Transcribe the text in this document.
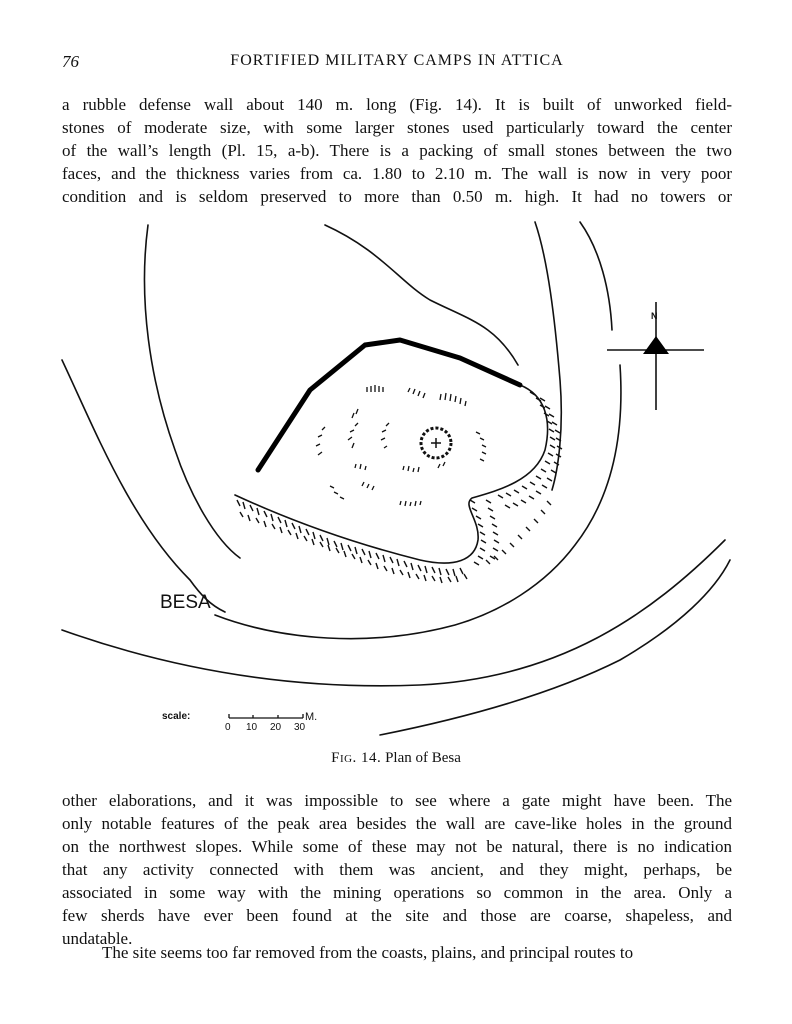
76	FORTIFIED MILITARY CAMPS IN ATTICA
a rubble defense wall about 140 m. long (Fig. 14). It is built of unworked field-
stones of moderate size, with some larger stones used particularly toward the center
of the wall’s length (Pl. 15, a-b). There is a packing of small stones between the two
faces, and the thickness varies from ca. 1.80 to 2.10 m. The wall is now in very poor
condition and is seldom preserved to more than 0.50 m. high. It had no towers or
BESA
N
scale:	M.
0 10 20 30
Fig. 14. Plan of Besa
other elaborations, and it was impossible to see where a gate might have been. The
only notable features of the peak area besides the wall are cave-like holes in the ground
on the northwest slopes. While some of these may not be natural, there is no indication
that any activity connected with them was ancient, and they might, perhaps, be
associated in some way with the mining operations so common in the area. Only a
few sherds have ever been found at the site and those are coarse, shapeless, and
undatable.
The site seems too far removed from the coasts, plains, and principal routes to
